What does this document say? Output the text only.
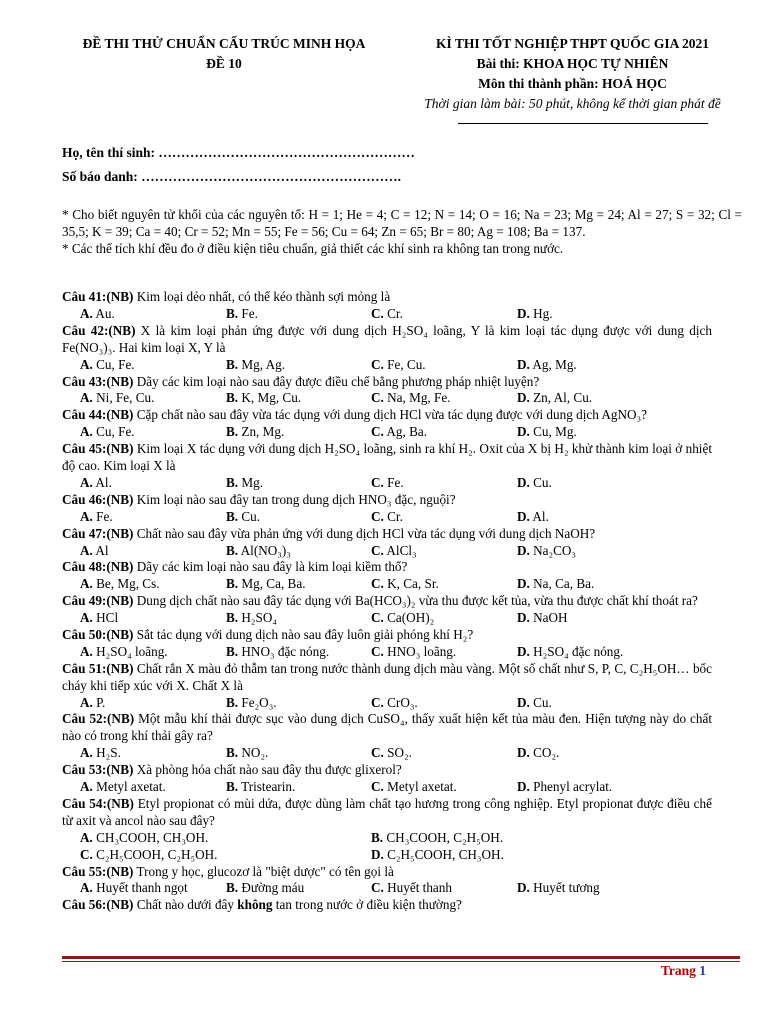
ĐỀ THI THỬ CHUẨN CẤU TRÚC MINH HỌA
ĐỀ 10
KÌ THI TỐT NGHIỆP THPT QUỐC GIA 2021
Bài thi: KHOA HỌC TỰ NHIÊN
Môn thi thành phần: HOÁ HỌC
Thời gian làm bài: 50 phút, không kể thời gian phát đề
Họ, tên thí sinh: …………………………………………………
Số báo danh: ………………………………………………….

* Cho biết nguyên tử khối của các nguyên tố: H = 1; He = 4; C = 12; N = 14; O = 16; Na = 23; Mg = 24; Al = 27; S = 32; Cl = 35,5; K = 39; Ca = 40; Cr = 52; Mn = 55; Fe = 56; Cu = 64; Zn = 65; Br = 80; Ag = 108; Ba = 137.

* Các thể tích khí đều đo ở điều kiện tiêu chuẩn, giả thiết các khí sinh ra không tan trong nước.

Câu 41:(NB) Kim loại dẻo nhất, có thể kéo thành sợi mỏng là
A. Au.	B. Fe.	C. Cr.	D. Hg.
Câu 42:(NB) X là kim loại phản ứng được với dung dịch H₂SO₄ loãng, Y là kim loại tác dụng được với dung dịch Fe(NO₃)₃. Hai kim loại X, Y là
A. Cu, Fe.	B. Mg, Ag.	C. Fe, Cu.	D. Ag, Mg.
Câu 43:(NB) Dãy các kim loại nào sau đây được điều chế bằng phương pháp nhiệt luyện?
A. Ni, Fe, Cu.	B. K, Mg, Cu.	C. Na, Mg, Fe.	D. Zn, Al, Cu.
Câu 44:(NB) Cặp chất nào sau đây vừa tác dụng với dung dịch HCl vừa tác dụng được với dung dịch AgNO₃?
A. Cu, Fe.	B. Zn, Mg.	C. Ag, Ba.	D. Cu, Mg.
Câu 45:(NB) Kim loại X tác dụng với dung dịch H₂SO₄ loãng, sinh ra khí H₂. Oxit của X bị H₂ khử thành kim loại ở nhiệt độ cao. Kim loại X là
A. Al.	B. Mg.	C. Fe.	D. Cu.
Câu 46:(NB) Kim loại nào sau đây tan trong dung dịch HNO₃ đặc, nguội?
A. Fe.	B. Cu.	C. Cr.	D. Al.
Câu 47:(NB) Chất nào sau đây vừa phản ứng với dung dịch HCl vừa tác dụng với dung dịch NaOH?
A. Al	B. Al(NO₃)₃	C. AlCl₃	D. Na₂CO₃
Câu 48:(NB) Dãy các kim loại nào sau đây là kim loại kiềm thổ?
A. Be, Mg, Cs.	B. Mg, Ca, Ba.	C. K, Ca, Sr.	D. Na, Ca, Ba.
Câu 49:(NB) Dung dịch chất nào sau đây tác dụng với Ba(HCO₃)₂ vừa thu được kết tủa, vừa thu được chất khí thoát ra?
A. HCl	B. H₂SO₄	C. Ca(OH)₂	D. NaOH
Câu 50:(NB) Sắt tác dụng với dung dịch nào sau đây luôn giải phóng khí H₂?
A. H₂SO₄ loãng.	B. HNO₃ đặc nóng.	C. HNO₃ loãng.	D. H₂SO₄ đặc nóng.
Câu 51:(NB) Chất rắn X màu đỏ thẫm tan trong nước thành dung dịch màu vàng. Một số chất như S, P, C, C₂H₅OH… bốc cháy khi tiếp xúc với X. Chất X là
A. P.	B. Fe₂O₃.	C. CrO₃.	D. Cu.
Câu 52:(NB) Một mẫu khí thải được sục vào dung dịch CuSO₄, thấy xuất hiện kết tủa màu đen. Hiện tượng này do chất nào có trong khí thải gây ra?
A. H₂S.	B. NO₂.	C. SO₂.	D. CO₂.
Câu 53:(NB) Xà phòng hóa chất nào sau đây thu được glixerol?
A. Metyl axetat.	B. Tristearin.	C. Metyl axetat.	D. Phenyl acrylat.
Câu 54:(NB) Etyl propionat có mùi dứa, được dùng làm chất tạo hương trong công nghiệp. Etyl propionat được điều chế từ axit và ancol nào sau đây?
A. CH₃COOH, CH₃OH.	B. CH₃COOH, C₂H₅OH.
C. C₂H₅COOH, C₂H₅OH.	D. C₂H₅COOH, CH₃OH.
Câu 55:(NB) Trong y học, glucozơ là "biệt dược" có tên gọi là
A. Huyết thanh ngọt	B. Đường máu	C. Huyết thanh	D. Huyết tương
Câu 56:(NB) Chất nào dưới đây không tan trong nước ở điều kiện thường?
Trang 1
